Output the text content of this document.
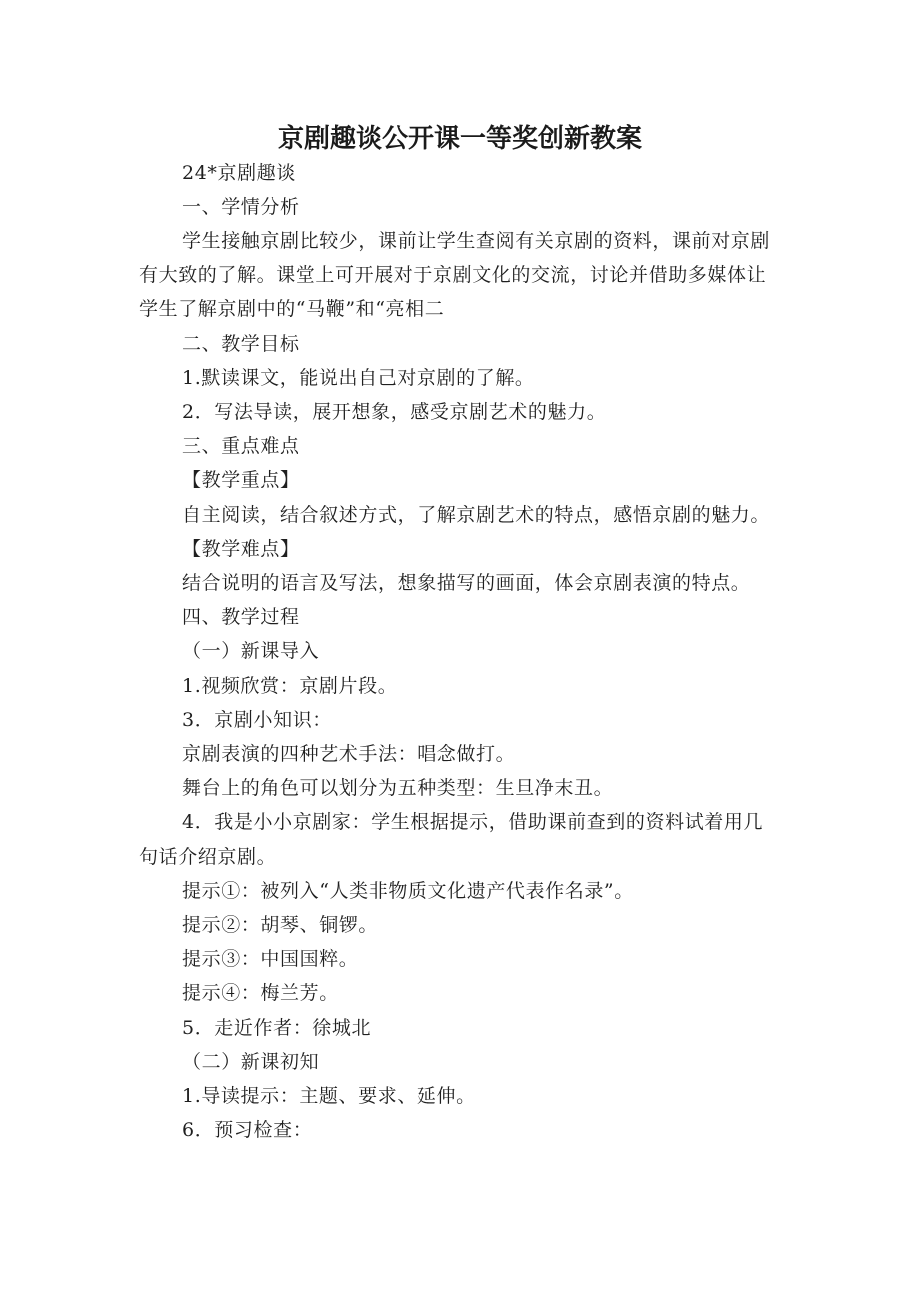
京剧趣谈公开课一等奖创新教案
24*京剧趣谈
一、学情分析
学生接触京剧比较少，课前让学生查阅有关京剧的资料，课前对京剧
有大致的了解。课堂上可开展对于京剧文化的交流，讨论并借助多媒体让
学生了解京剧中的“马鞭”和“亮相二
二、教学目标
1.默读课文，能说出自己对京剧的了解。
2．写法导读，展开想象，感受京剧艺术的魅力。
三、重点难点
【教学重点】
自主阅读，结合叙述方式，了解京剧艺术的特点，感悟京剧的魅力。
【教学难点】
结合说明的语言及写法，想象描写的画面，体会京剧表演的特点。
四、教学过程
（一）新课导入
1.视频欣赏：京剧片段。
3．京剧小知识：
京剧表演的四种艺术手法：唱念做打。
舞台上的角色可以划分为五种类型：生旦净末丑。
4．我是小小京剧家：学生根据提示，借助课前查到的资料试着用几
句话介绍京剧。
提示①：被列入“人类非物质文化遗产代表作名录”。
提示②：胡琴、铜锣。
提示③：中国国粹。
提示④：梅兰芳。
5．走近作者：徐城北
（二）新课初知
1.导读提示：主题、要求、延伸。
6．预习检查：
